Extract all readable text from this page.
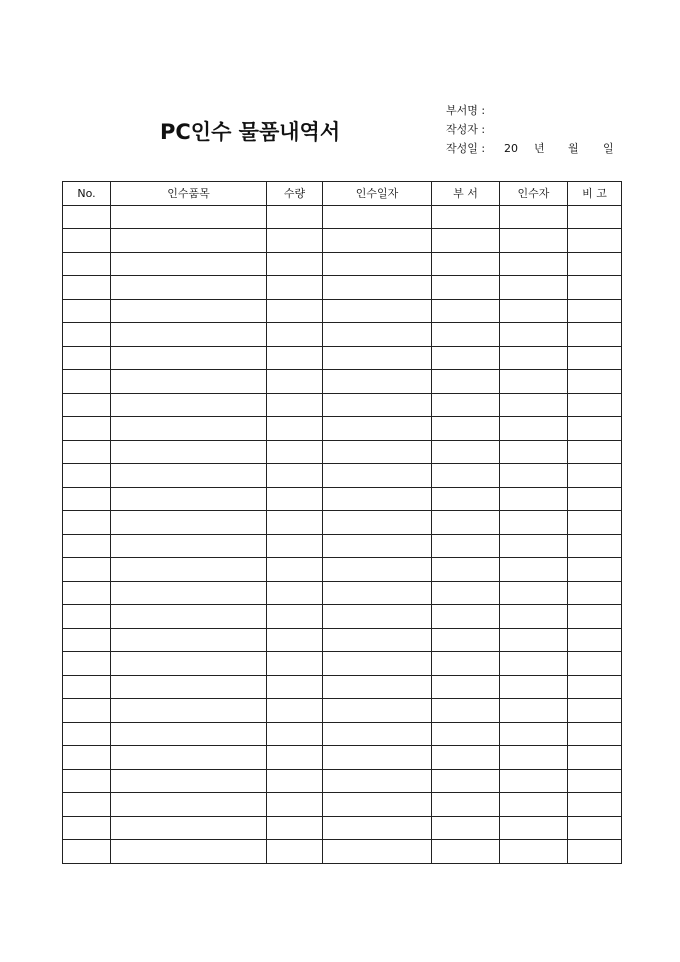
PC인수 물품내역서
부서명 :
작성자 :
작성일 : 20 년 월 일
No.	인수품목	수량	인수일자	부 서	인수자	비 고
